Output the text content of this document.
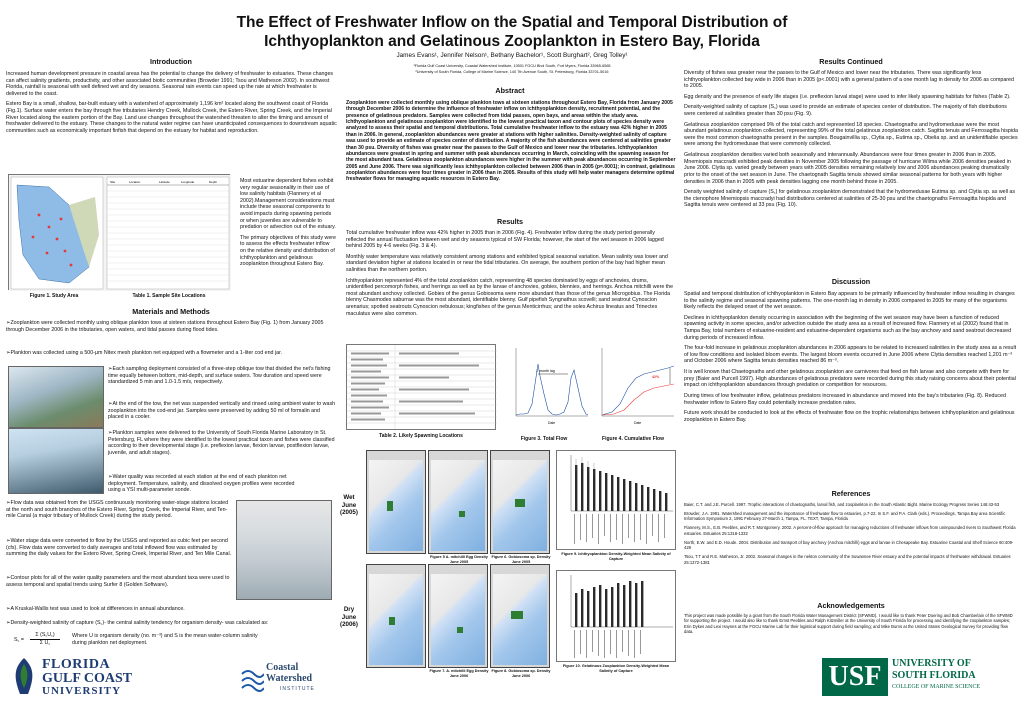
The Effect of Freshwater Inflow on the Spatial and Temporal Distribution of
Ichthyoplankton and Gelatinous Zooplankton in Estero Bay, Florida
James Evans¹, Jennifer Nelson¹, Bethany Bachelor¹, Scott Burghart², Greg Tolley¹
¹Florida Gulf Coast University, Coastal Watershed Institute, 10501 FGCU Blvd South, Fort Myers, Florida 33965-6565
²University of South Florida, College of Marine Science, 140 7th Avenue South, St. Petersburg, Florida 33701-5016
Introduction

Increased human development pressure in coastal areas has the potential to change the delivery of freshwater to estuaries. These changes can affect salinity gradients, productivity, and other associated biotic communities (Browder 1991; Tsou and Matheson 2002). In southwest Florida, rainfall is seasonal with well defined wet and dry seasons. Seasonal rain events can speed up the rate at which freshwater is delivered to the coast.

Estero Bay is a small, shallow, bar-built estuary with a watershed of approximately 1,196 km² located along the southwest coast of Florida (Fig.1). Surface water enters the bay through five tributaries Hendry Creek, Mullock Creek, the Estero River, Spring Creek, and the Imperial River located along the eastern portion of the Bay. Land use changes throughout the watershed threaten to alter the timing and amount of freshwater delivered to the estuary. These changes to the natural water regime can have unanticipated consequences to downstream aquatic communities such as economically important finfish that depend on the estuary for habitat and reproduction.

Site	Location	Latitude	Longitude	Depth
Figure 1. Study Area	Table 1. Sample Site Locations

Most estuarine dependent fishes exhibit very regular seasonality in their use of low salinity habitats (Flannery et al 2002).Management considerations must include these seasonal components to avoid impacts during spawning periods or when juveniles are vulnerable to predation or advection out of the estuary.

The primary objectives of this study were to assess the effects freshwater inflow on the relative density and distribution of ichthyoplankton and gelatinous zooplankton throughout Estero Bay.

Materials and Methods
➢Zooplankton were collected monthly using oblique plankton tows at sixteen stations throughout Estero Bay (Fig. 1) from January 2005 through December 2006 in the tributaries, open waters, and tidal passes during flood tides.
➢Plankton was collected using a 500-µm Nitex mesh plankton net equipped with a flowmeter and a 1-liter cod end jar.
➢Each sampling deployment consisted of a three-step oblique tow that divided the net's fishing time equally between bottom, mid-depth, and surface waters. Tow duration and speed were standardized 5 min and 1.0-1.5 m/s, respectively.
➢At the end of the tow, the net was suspended vertically and rinsed using ambient water to wash zooplankton into the cod-end jar. Samples were preserved by adding 50 ml of formalin and placed in a cooler.
➢Plankton samples were delivered to the University of South Florida Marine Laboratory in St. Petersburg, FL where they were identified to the lowest practical taxon and fishes were classified according to their developmental stage (i.e. preflexion larvae, flexion larvae, postflexion larvae, juvenile, and adult stages).
➢Water quality was recorded at each station at the end of each plankton net deployment. Temperature, salinity, and dissolved oxygen profiles were recorded using a YSI multi-parameter sonde.
➢Flow data was obtained from the USGS continuously monitoring water-stage stations located at the north and south branches of the Estero River, Spring Creek, the Imperial River, and Ten-mile Canal (a major tributary of Mullock Creek) during the study period.
➢Water stage data were converted to flow by the USGS and reported as cubic feet per second (cfs). Flow data were converted to daily averages and total inflowed flow was estimated by summing the daily values for the Estero River, Spring Creek, Imperial River, and Ten Mile Canal.
➢Contour plots for all of the water quality parameters and the most abundant taxa were used to assess temporal and spatial trends using Surfer 8 (Golden Software).
➢A Kruskal-Wallis test was used to look at differences in annual abundance.
➢Density-weighted salinity of capture (S꜀)- the central salinity tendency for organism density- was calculated as:
S꜀ =
Σ (S꜀U꜀)
Σ U꜀
Where U is organism density (no. m⁻³) and S is the mean water-column salinity during plankton net deployment.
FLORIDA
GULF COAST
UNIVERSITY
Coastal
Watershed
INSTITUTE
Abstract
Zooplankton were collected monthly using oblique plankton tows at sixteen stations throughout Estero Bay, Florida from January 2005 through December 2006 to determine the influence of freshwater inflow on ichthyoplankton density, recruitment potential, and the presence of gelatinous predators. Samples were collected from tidal passes, open bays, and areas within the study area. Ichthyoplankton and gelatinous zooplankton were identified to the lowest practical taxon and contour plots of species density were analyzed to assess their spatial and temporal distributions. Total cumulative freshwater inflow to the estuary was 42% higher in 2005 than in 2006. In general, zooplankton abundances were greater at stations with higher salinities. Density-weighted salinity of capture was used to provide an estimate of species center of distribution. A majority of the fish abundances were centered at salinities greater than 30 psu. Diversity of fishes was greater near the passes to the Gulf of Mexico and lower near the tributaries. Ichthyoplankton abundances were greatest in spring and summer with peak abundances occurring in March, coinciding with the spawning season for the most abundant taxa. Gelatinous zooplankton abundances were higher in the summer with peak abundances occurring in September 2005 and June 2006. There was significantly less ichthyoplankton collected between 2006 than in 2005 (p=.0001); in contrast, gelatinous zooplankton abundances were four times greater in 2006 than in 2005. Results of this study will help water managers determine optimal freshwater flows for managing aquatic resources in Estero Bay.
Results

Total cumulative freshwater inflow was 42% higher in 2005 than in 2006 (Fig. 4). Freshwater inflow during the study period generally reflected the annual fluctuation between wet and dry seasons typical of SW Florida; however, the start of the wet season in 2006 lagged behind 2005 by 4-6 weeks (Fig. 3 & 4).

Monthly water temperature was relatively consistent among stations and exhibited typical seasonal variation. Mean salinity was lower and standard deviation higher at stations located in or near the tidal tributaries. On average, the southern portion of the bay had higher mean salinities than the northern portion.

Ichthyoplankton represented 4% of the total zooplankton catch, representing 48 species dominated by eggs of anchovies, drums, unidentified percomorph fishes, and herrings as well as by the larvae of anchovies, gobies, blennies, and herrings. Anchoa mitchilli were the most abundant anchovy collected. Gobies of the genus Gobiosoma were more abundant than those of the genus Microgobius. The Florida blenny Chasmodes saburrae was the most abundant, identifiable blenny. Gulf pipefish Syngnathus scovelli; sand seatrout Cynoscion arenarius; spotted seatrouts Cynoscion nebulosus; kingfishes of the genus Menticirrhus; and the soles Achirus lineatus and Trinectes maculatus were also common.

Table 2. Likely Spawning Locations
1 month lag
Date
42%
Date
Figure 3. Total Flow	Figure 4. Cumulative Flow
Wet June (2005)
Dry June (2006)
Figure 5 A. mitchilli Egg Density June 2005
Figure 6. Gobiosoma sp. Density June 2005
Figure 7. A. mitchilli Egg Density June 2006
Figure 8. Gobiosoma sp. Density June 2006
Figure 9. Ichthyoplankton Density-Weighted Mean Salinity of Capture
Figure 10. Gelatinous Zooplankton Density-Weighted Mean Salinity of Capture
Results Continued

Diversity of fishes was greater near the passes to the Gulf of Mexico and lower near the tributaries. There was significantly less ichthyoplankton collected bay wide in 2006 than in 2005 (p<.0001) with a general pattern of a one month lag in density for 2006 as compared to 2005.

Egg density and the presence of early life stages (i.e. preflexion larval stage) were used to infer likely spawning habitats for fishes (Table 2).

Density-weighted salinity of capture (S꜀) was used to provide an estimate of species center of distribution. The majority of fish distributions were centered at salinities greater than 30 psu (Fig. 9).

Gelatinous zooplankton comprised 9% of the total catch and represented 18 species. Chaetognaths and hydromedusae were the most abundant gelatinous zooplankton collected, representing 99% of the total gelatinous zooplankton catch. Sagitta tenuis and Ferrosagitta hispida were the most common chaetognaths present in the samples. Bougainvillia sp., Clytia sp., Eutima sp., Obelia sp. and an unidentifiable species were among the hydromedusae that were commonly collected.

Gelatinous zooplankton densities varied both seasonally and interannually. Abundances were four times greater in 2006 than in 2005. Mnemiopsis maccradii exhibited peak densities in November 2005 following the passage of hurricane Wilma while 2006 densities peaked in June 2006. Clytia sp. varied greatly between years with 2005 densities remaining relatively low and 2006 abundances peaking dramatically prior to the onset of the wet season in June. The chaetognath Sagitta tenuis showed similar seasonal patterns for both years with higher densities in 2006 than in 2005 with peak densities lagging one month behind those in 2005.

Density weighted salinity of capture (S꜀) for gelatinous zooplankton demonstrated that the hydromedusae Eutima sp. and Clytia sp. as well as the ctenophore Mnemiopsis maccradyi had distributions centered at salinities of 25-30 psu and the chaetognaths Ferrosagitta hispida and Sagitta tenuis were centered at 33 psu (Fig. 10).

Discussion

Spatial and temporal distribution of ichthyoplankton in Estero Bay appears to be primarily influenced by freshwater inflow resulting in changes to the salinity regime and seasonal spawning patterns. The one-month lag in density in 2006 compared to 2005 for many of the organisms likely reflects the delayed onset of the wet season.

Declines in ichthyoplankton density occurring in association with the beginning of the wet season may have been a function of reduced spawning activity in some species, and/or advection outside the study area as a result of increased flow. Flannery et al (2002) found that in Tampa Bay, total numbers of estuarine-resident and estuarine-dependent organisms such as the bay anchovy and sand seatrout decreased during periods of increased inflow.

The four-fold increase in gelatinous zooplankton abundances in 2006 appears to be related to increased salinities in the study area as a result of low flow conditions and isolated bloom events. The largest bloom events occurred in June 2006 where Clytia densities reached 1,201 m⁻³ and October 2006 where Sagitta tenuis densities reached 86 m⁻³.

It is well known that Chaetognaths and other gelatinous zooplankton are carnivores that feed on fish larvae and also compete with them for prey (Baier and Purcell 1997). High abundances of gelatinous predators were recorded during this study raising concerns about their potential impact on ichthyoplankton abundances through predation or competition for resources.

During times of low freshwater inflow, gelatinous predators increased in abundance and moved into the bay's tributaries (Fig. 8). Reduced freshwater inflow to Estero Bay could potentially increase predation rates.

Future work should be conducted to look at the effects of freshwater flow on the trophic relationships between ichthyoplankton and gelatinous zooplankton in Estero Bay.

References

Baier, C.T. and J.E. Purcell. 1997. Trophic interactions of chaetognaths, larval fish, and zooplankton in the South Atlantic Bight. Marine Ecology Progress Series 146:43-53

Browder, J.A. 1991. Watershed management and the importance of freshwater flow to estuaries, p.7-22. In S.F. and P.A. Clark (eds.). Proceedings, Tampa Bay area Scientific Information Symposium 2, 1991 February 27-March 1, Tampa, FL. TEXT, Tampa, Florida

Flannery, M.S., E.B. Peebles, and R.T. Montgomery. 2002. A percent-of-flow approach for managing reductions of freshwater inflows from unimpounded rivers to Southwest Florida estuaries. Estuaries 25:1318-1332

North, E.W. and E.D. Houde. 2004. Distribution and transport of bay anchovy (Anchoa mitchilli) eggs and larvae in Chesapeake Bay. Estuarine Coastal and Shelf Science 60:409-429

Tsou, T.T and R.E. Matheson, Jr. 2002. Seasonal changes in the nekton community of the Suwannee River estuary and the potential impacts of freshwater withdrawal. Estuaries 25:1372-1381

Acknowledgements
This project was made possible by a grant from the South Florida Water Management District (SFWMD). I would like to thank Peter Doering and Bob Chamberlain of the SFWMD for supporting the project. I would also like to thank Ernst Peebles and Ralph Kitzmiller at the University of South Florida for processing and identifying the zooplankton samples; Erin Dykes and Lexi Haynes at the FGCU Marine Lab for their logistical support during field sampling; and Mike Burns at the United States Geological Survey for providing flow data.
USF	UNIVERSITY OF
SOUTH FLORIDA
COLLEGE OF MARINE SCIENCE
